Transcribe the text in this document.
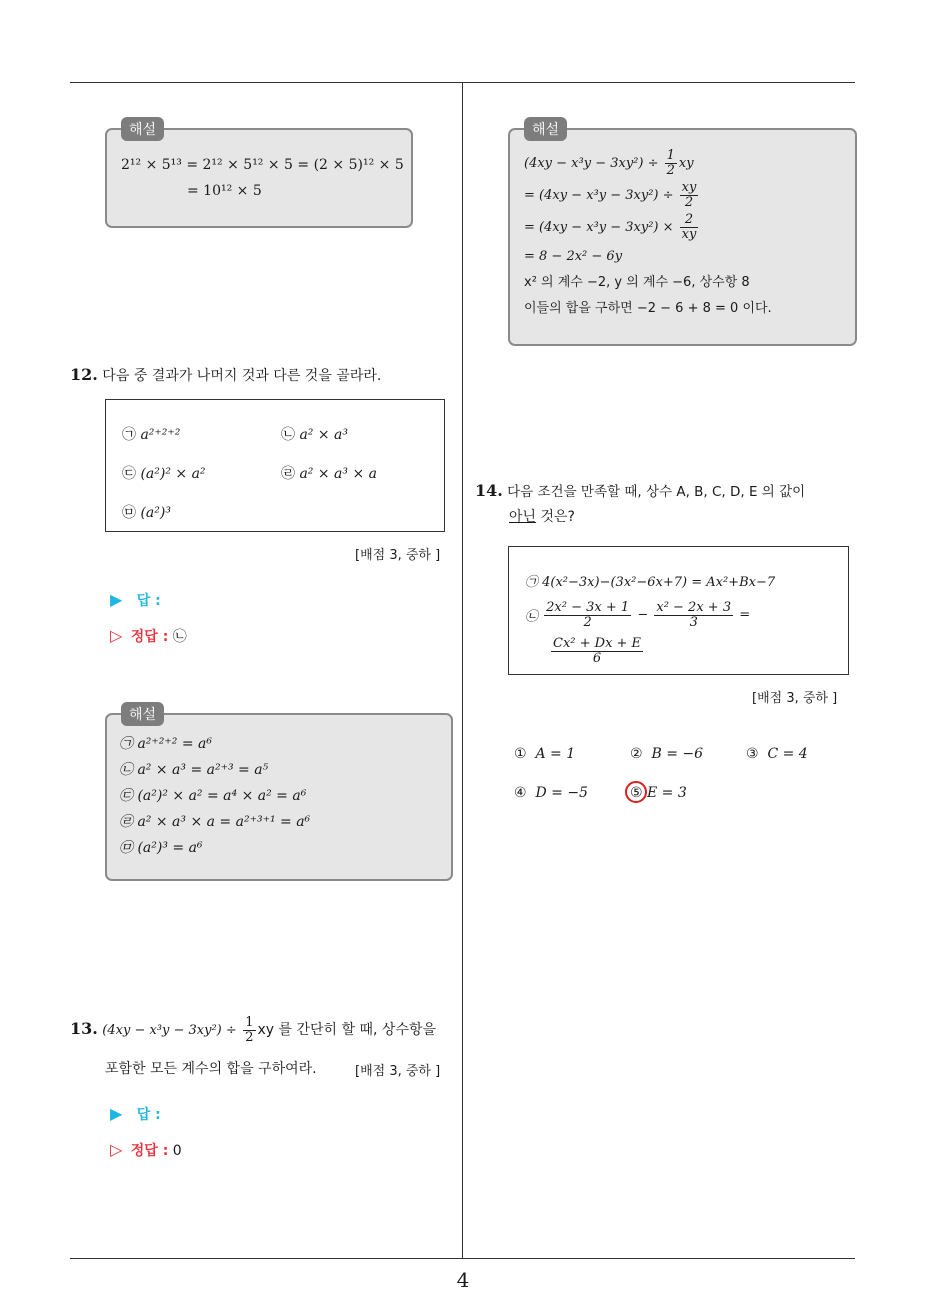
4
해설
2¹² × 5¹³ = 2¹² × 5¹² × 5 = (2 × 5)¹² × 5
= 10¹² × 5
12. 다음 중 결과가 나머지 것과 다른 것을 골라라.
㉠ a²⁺²⁺²	㉡ a² × a³
㉢ (a²)² × a²	㉣ a² × a³ × a
㉤ (a²)³
[배점 3, 중하 ]
▶ 답 :
▷ 정답 : ㉡
해설
㉠ a²⁺²⁺² = a⁶
㉡ a² × a³ = a²⁺³ = a⁵
㉢ (a²)² × a² = a⁴ × a² = a⁶
㉣ a² × a³ × a = a²⁺³⁺¹ = a⁶
㉤ (a²)³ = a⁶
13. $(4xy - x^3y - 3xy^2) \div \frac{1}{2}$ xy 를 간단히 할 때, 상수항을
포함한 모든 계수의 합을 구하여라.	[배점 3, 중하 ]
▶ 답 :
▷ 정답 : 0
해설
$(4xy - x^3y - 3xy^2) \div \frac{1}{2}$ xy
= $(4xy - x^3y - 3xy^2) \div \frac{xy}{2}$
= $(4xy - x^3y - 3xy^2) \times \frac{2}{xy}$
= 8 − 2x² − 6y
x² 의 계수 −2, y 의 계수 −6, 상수항 8
이들의 합을 구하면 −2 − 6 + 8 = 0 이다.
14. 다음 조건을 만족할 때, 상수 A, B, C, D, E 의 값이
아닌 것은?
㉠ 4(x²−3x)−(3x²−6x+7) = Ax²+Bx−7
㉡ $\frac{\text{2x² − 3x + 1}}{2} - \frac{\text{x² − 2x + 3}}{3}$ =
$\frac{\text{Cx² + Dx + E}}{6}$
[배점 3, 중하 ]
① A = 1	② B = −6	③ C = 4
④ D = −5	⑤ E = 3
